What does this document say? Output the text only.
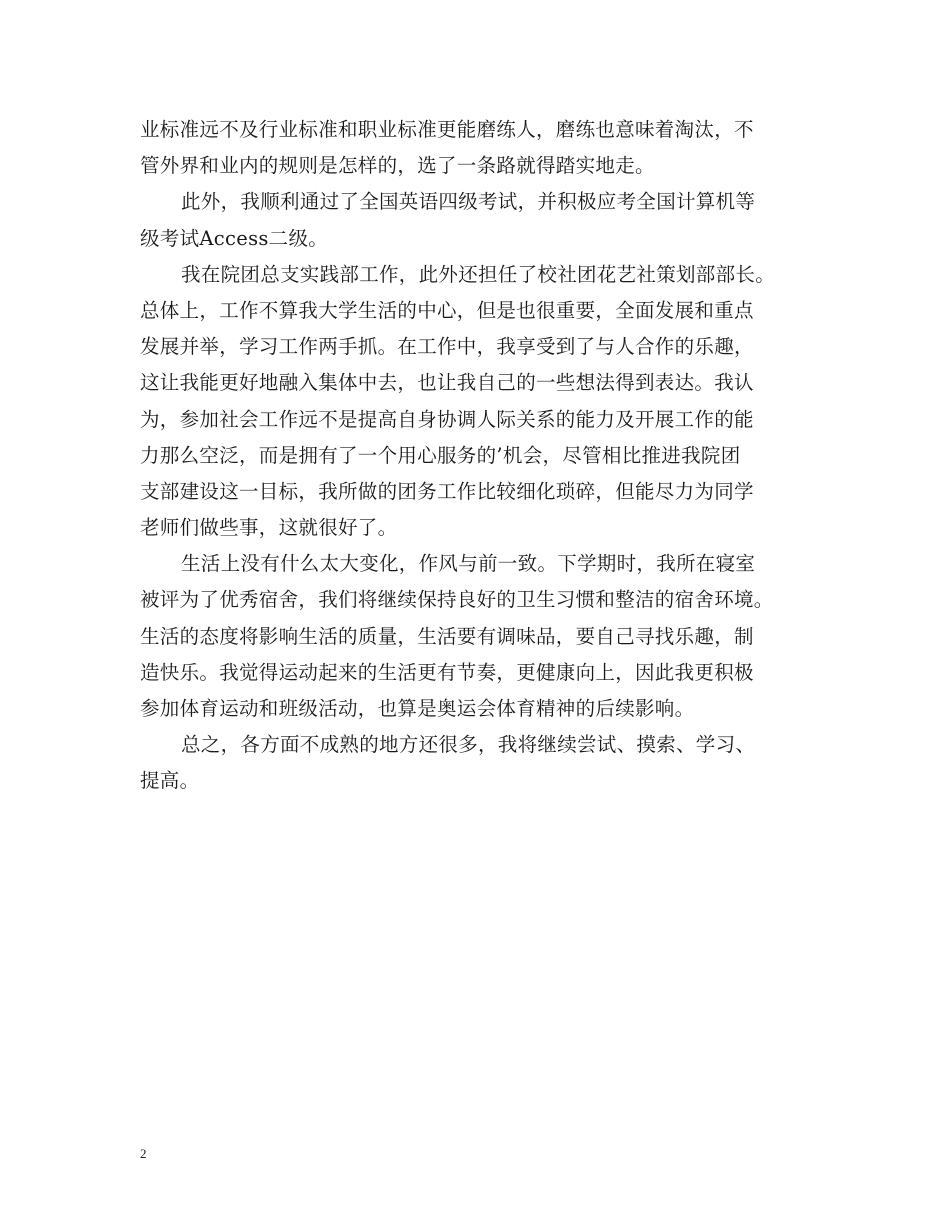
业标准远不及行业标准和职业标准更能磨练人，磨练也意味着淘汰，不
管外界和业内的规则是怎样的，选了一条路就得踏实地走。
此外，我顺利通过了全国英语四级考试，并积极应考全国计算机等
级考试Access二级。
我在院团总支实践部工作，此外还担任了校社团花艺社策划部部长。
总体上，工作不算我大学生活的中心，但是也很重要，全面发展和重点
发展并举，学习工作两手抓。在工作中，我享受到了与人合作的乐趣，
这让我能更好地融入集体中去，也让我自己的一些想法得到表达。我认
为，参加社会工作远不是提高自身协调人际关系的能力及开展工作的能
力那么空泛，而是拥有了一个用心服务的’机会，尽管相比推进我院团
支部建设这一目标，我所做的团务工作比较细化琐碎，但能尽力为同学
老师们做些事，这就很好了。
生活上没有什么太大变化，作风与前一致。下学期时，我所在寝室
被评为了优秀宿舍，我们将继续保持良好的卫生习惯和整洁的宿舍环境。
生活的态度将影响生活的质量，生活要有调味品，要自己寻找乐趣，制
造快乐。我觉得运动起来的生活更有节奏，更健康向上，因此我更积极
参加体育运动和班级活动，也算是奥运会体育精神的后续影响。
总之，各方面不成熟的地方还很多，我将继续尝试、摸索、学习、
提高。
2
